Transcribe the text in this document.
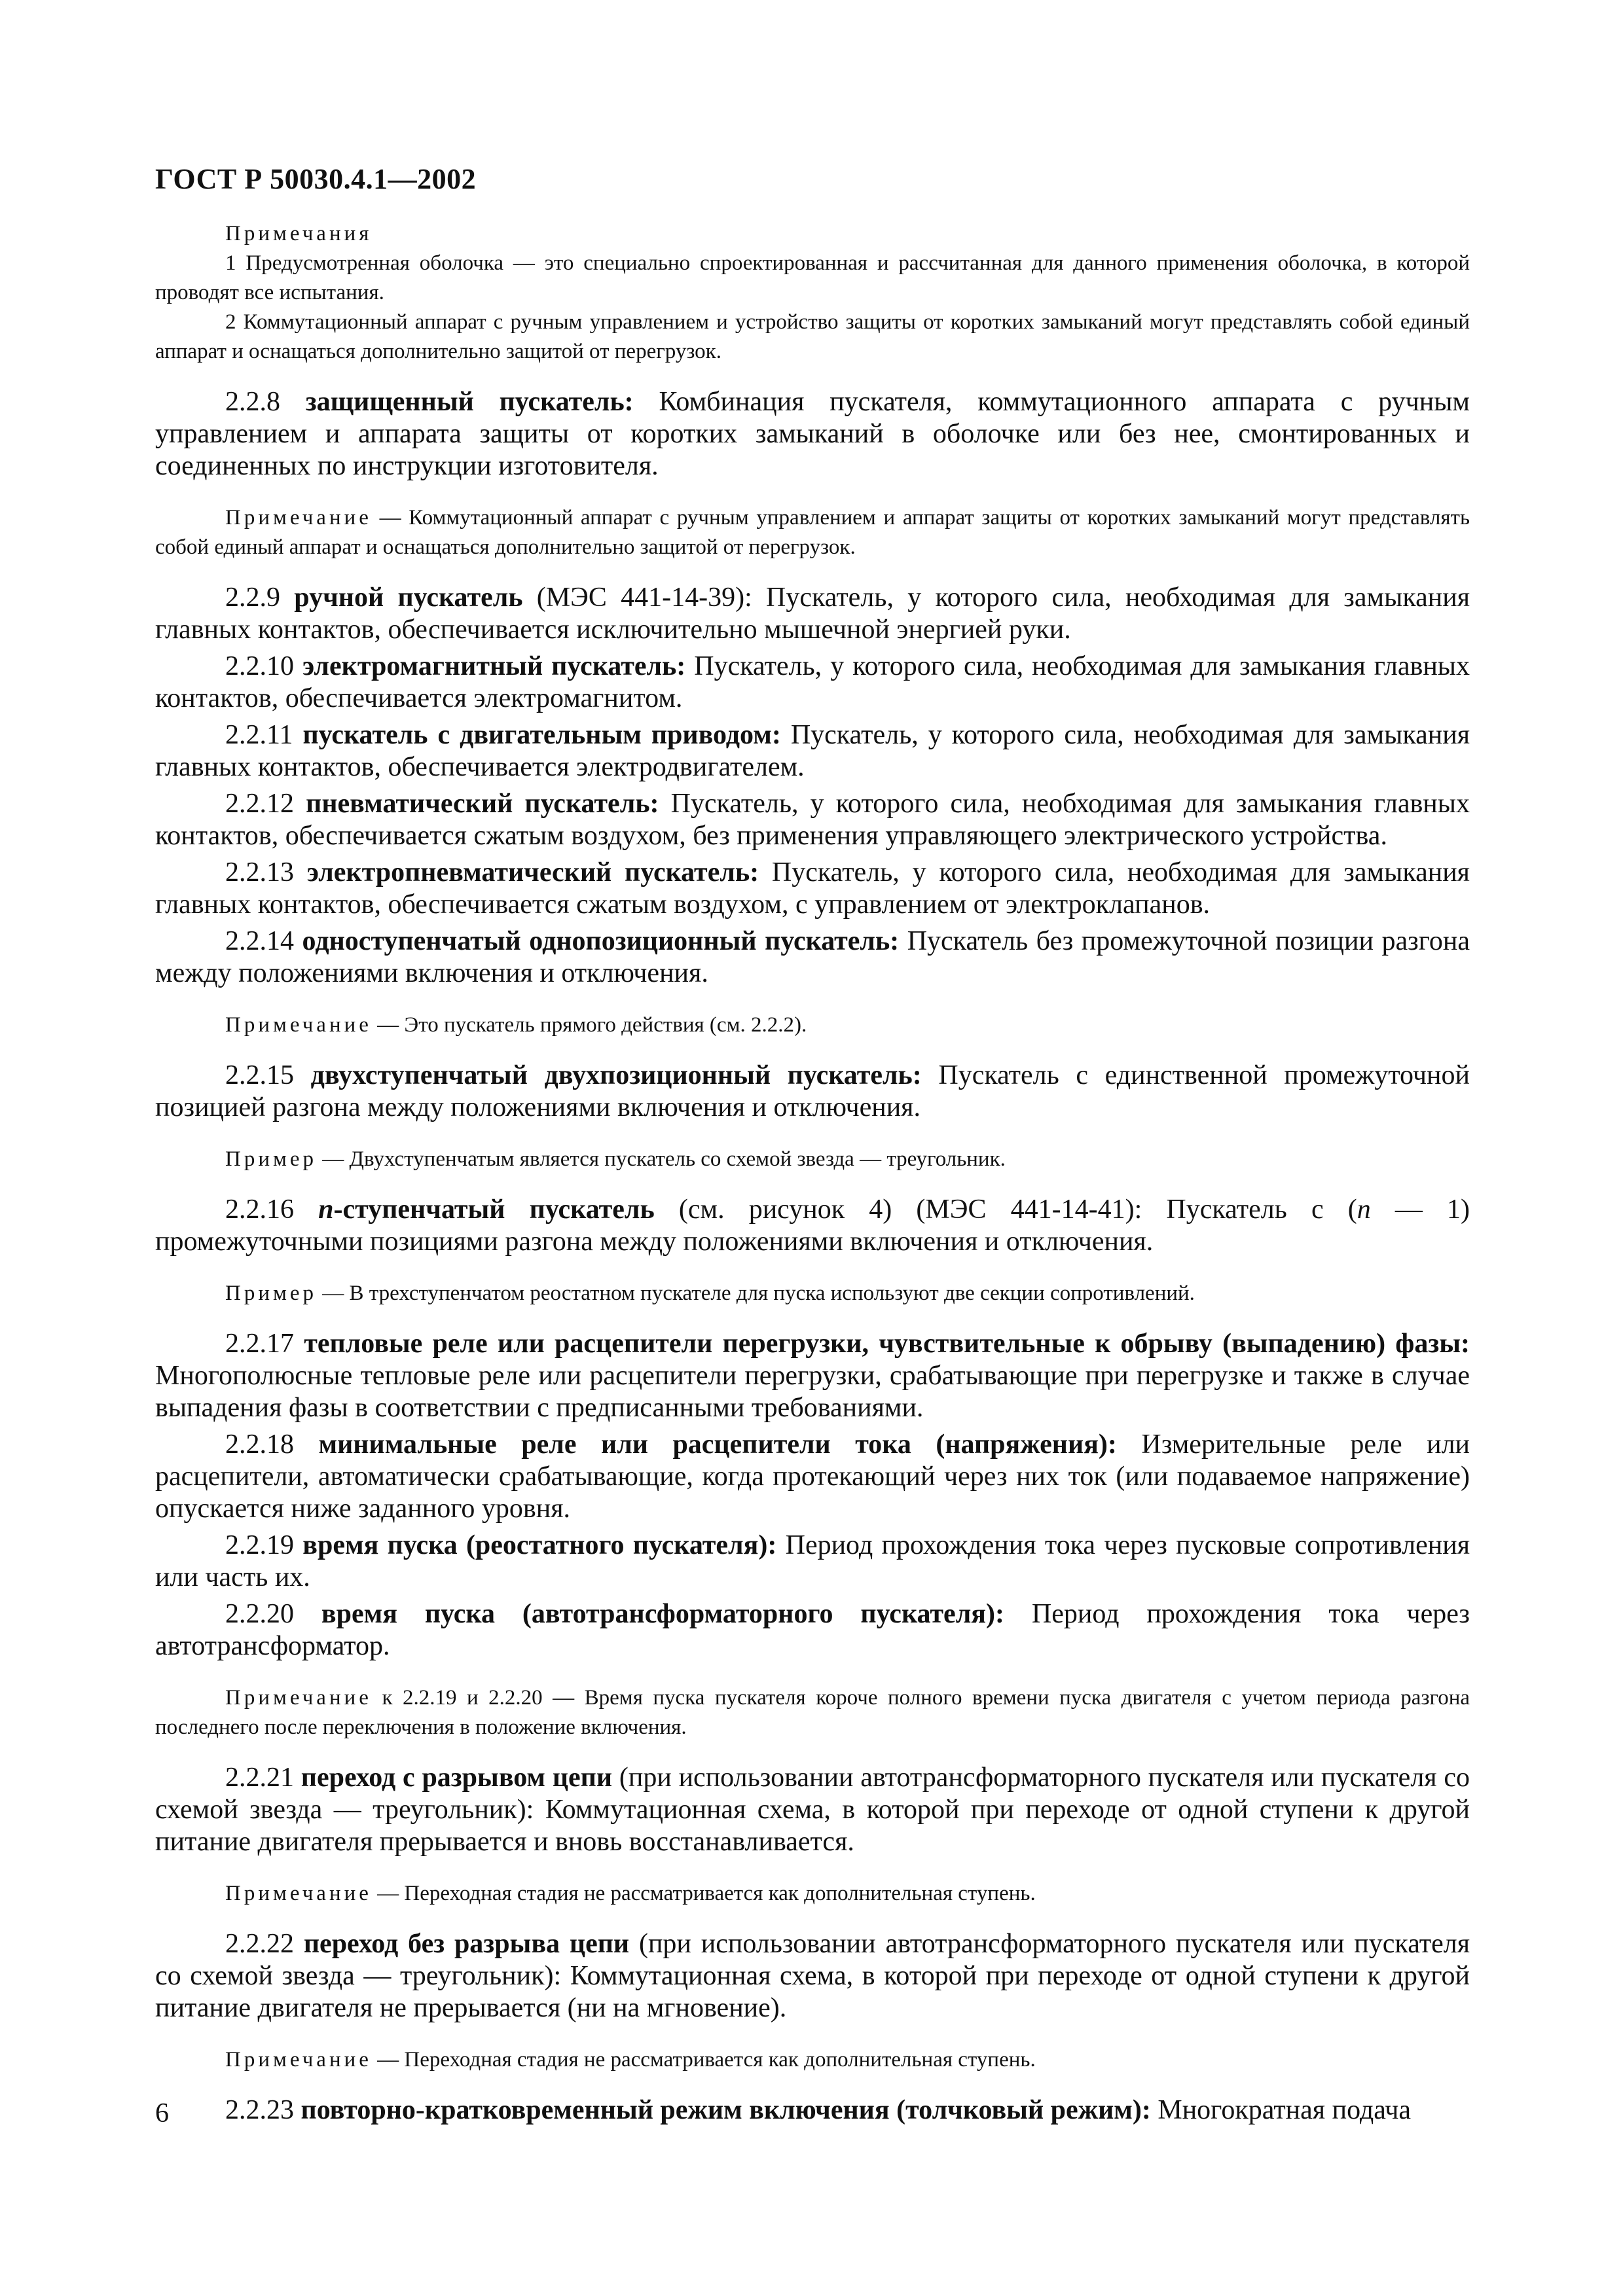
ГОСТ Р 50030.4.1—2002

Примечания

1 Предусмотренная оболочка — это специально спроектированная и рассчитанная для данного применения оболочка, в которой проводят все испытания.

2 Коммутационный аппарат с ручным управлением и устройство защиты от коротких замыканий могут представлять собой единый аппарат и оснащаться дополнительно защитой от перегрузок.

2.2.8 защищенный пускатель: Комбинация пускателя, коммутационного аппарата с ручным управлением и аппарата защиты от коротких замыканий в оболочке или без нее, смонтированных и соединенных по инструкции изготовителя.

Примечание — Коммутационный аппарат с ручным управлением и аппарат защиты от коротких замыканий могут представлять собой единый аппарат и оснащаться дополнительно защитой от перегрузок.

2.2.9 ручной пускатель (МЭС 441-14-39): Пускатель, у которого сила, необходимая для замыкания главных контактов, обеспечивается исключительно мышечной энергией руки.

2.2.10 электромагнитный пускатель: Пускатель, у которого сила, необходимая для замыкания главных контактов, обеспечивается электромагнитом.

2.2.11 пускатель с двигательным приводом: Пускатель, у которого сила, необходимая для замыкания главных контактов, обеспечивается электродвигателем.

2.2.12 пневматический пускатель: Пускатель, у которого сила, необходимая для замыкания главных контактов, обеспечивается сжатым воздухом, без применения управляющего электрического устройства.

2.2.13 электропневматический пускатель: Пускатель, у которого сила, необходимая для замыкания главных контактов, обеспечивается сжатым воздухом, с управлением от электроклапанов.

2.2.14 одноступенчатый однопозиционный пускатель: Пускатель без промежуточной позиции разгона между положениями включения и отключения.

Примечание — Это пускатель прямого действия (см. 2.2.2).

2.2.15 двухступенчатый двухпозиционный пускатель: Пускатель с единственной промежуточной позицией разгона между положениями включения и отключения.

Пример — Двухступенчатым является пускатель со схемой звезда — треугольник.

2.2.16 n-ступенчатый пускатель (см. рисунок 4) (МЭС 441-14-41): Пускатель с (n — 1) промежуточными позициями разгона между положениями включения и отключения.

Пример — В трехступенчатом реостатном пускателе для пуска используют две секции сопротивлений.

2.2.17 тепловые реле или расцепители перегрузки, чувствительные к обрыву (выпадению) фазы: Многополюсные тепловые реле или расцепители перегрузки, срабатывающие при перегрузке и также в случае выпадения фазы в соответствии с предписанными требованиями.

2.2.18 минимальные реле или расцепители тока (напряжения): Измерительные реле или расцепители, автоматически срабатывающие, когда протекающий через них ток (или подаваемое напряжение) опускается ниже заданного уровня.

2.2.19 время пуска (реостатного пускателя): Период прохождения тока через пусковые сопротивления или часть их.

2.2.20 время пуска (автотрансформаторного пускателя): Период прохождения тока через автотрансформатор.

Примечание к 2.2.19 и 2.2.20 — Время пуска пускателя короче полного времени пуска двигателя с учетом периода разгона последнего после переключения в положение включения.

2.2.21 переход с разрывом цепи (при использовании автотрансформаторного пускателя или пускателя со схемой звезда — треугольник): Коммутационная схема, в которой при переходе от одной ступени к другой питание двигателя прерывается и вновь восстанавливается.

Примечание — Переходная стадия не рассматривается как дополнительная ступень.

2.2.22 переход без разрыва цепи (при использовании автотрансформаторного пускателя или пускателя со схемой звезда — треугольник): Коммутационная схема, в которой при переходе от одной ступени к другой питание двигателя не прерывается (ни на мгновение).

Примечание — Переходная стадия не рассматривается как дополнительная ступень.

2.2.23 повторно-кратковременный режим включения (толчковый режим): Многократная подача

6
